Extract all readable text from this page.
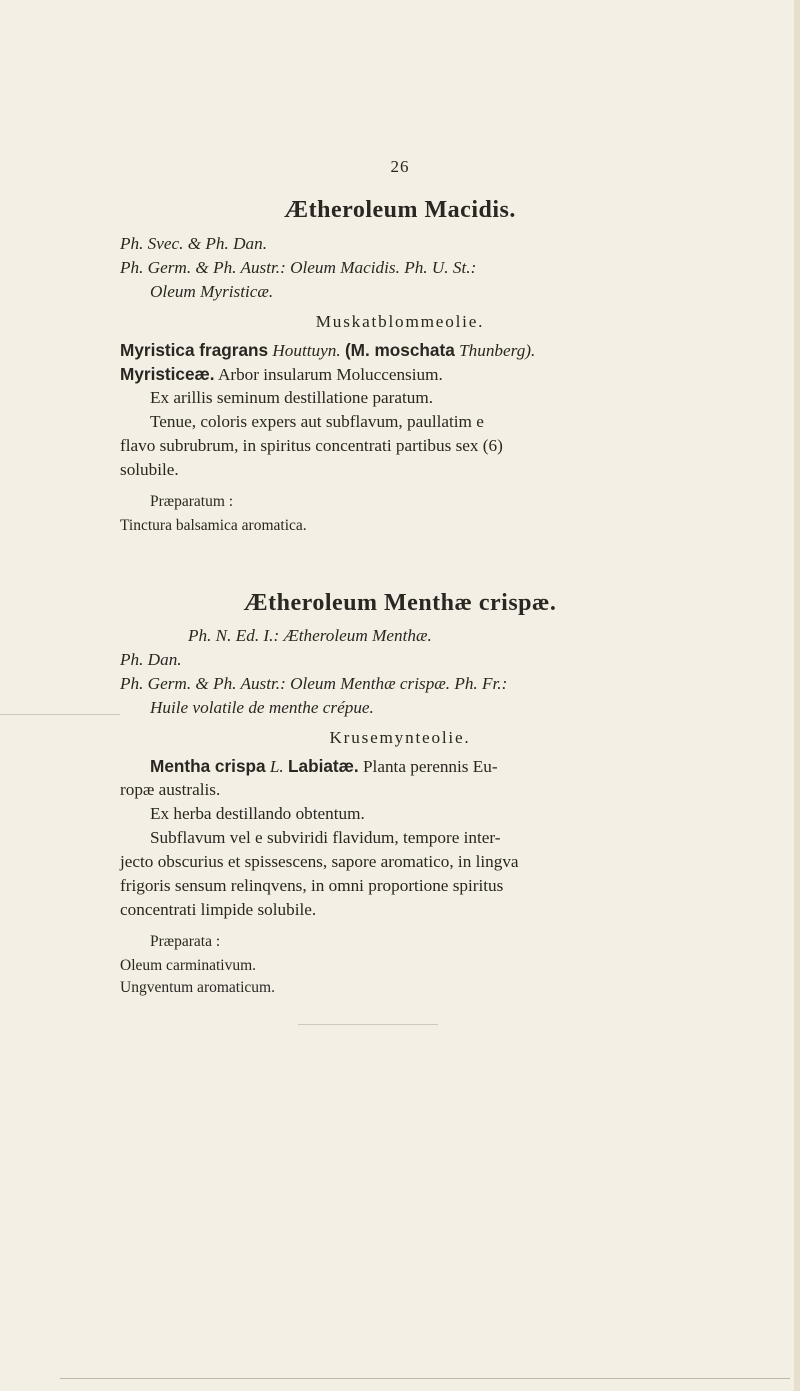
26
Ætheroleum Macidis.
Ph. Svec. & Ph. Dan.
Ph. Germ. & Ph. Austr.: Oleum Macidis. Ph. U. St.:
Oleum Myristicæ.
Muskatblommeolie.
Myristica fragrans Houttuyn. (M. moschata Thunberg).
Myristiceæ. Arbor insularum Moluccensium.
Ex arillis seminum destillatione paratum.
Tenue, coloris expers aut subflavum, paullatim e
flavo subrubrum, in spiritus concentrati partibus sex (6)
solubile.
Præparatum :
Tinctura balsamica aromatica.
Ætheroleum Menthæ crispæ.
Ph. N. Ed. I.: Ætheroleum Menthæ.
Ph. Dan.
Ph. Germ. & Ph. Austr.: Oleum Menthæ crispæ. Ph. Fr.:
Huile volatile de menthe crépue.
Krusemynteolie.
Mentha crispa L. Labiatæ. Planta perennis Eu-
ropæ australis.
Ex herba destillando obtentum.
Subflavum vel e subviridi flavidum, tempore inter-
jecto obscurius et spissescens, sapore aromatico, in lingva
frigoris sensum relinqvens, in omni proportione spiritus
concentrati limpide solubile.
Præparata :
Oleum carminativum.
Ungventum aromaticum.
